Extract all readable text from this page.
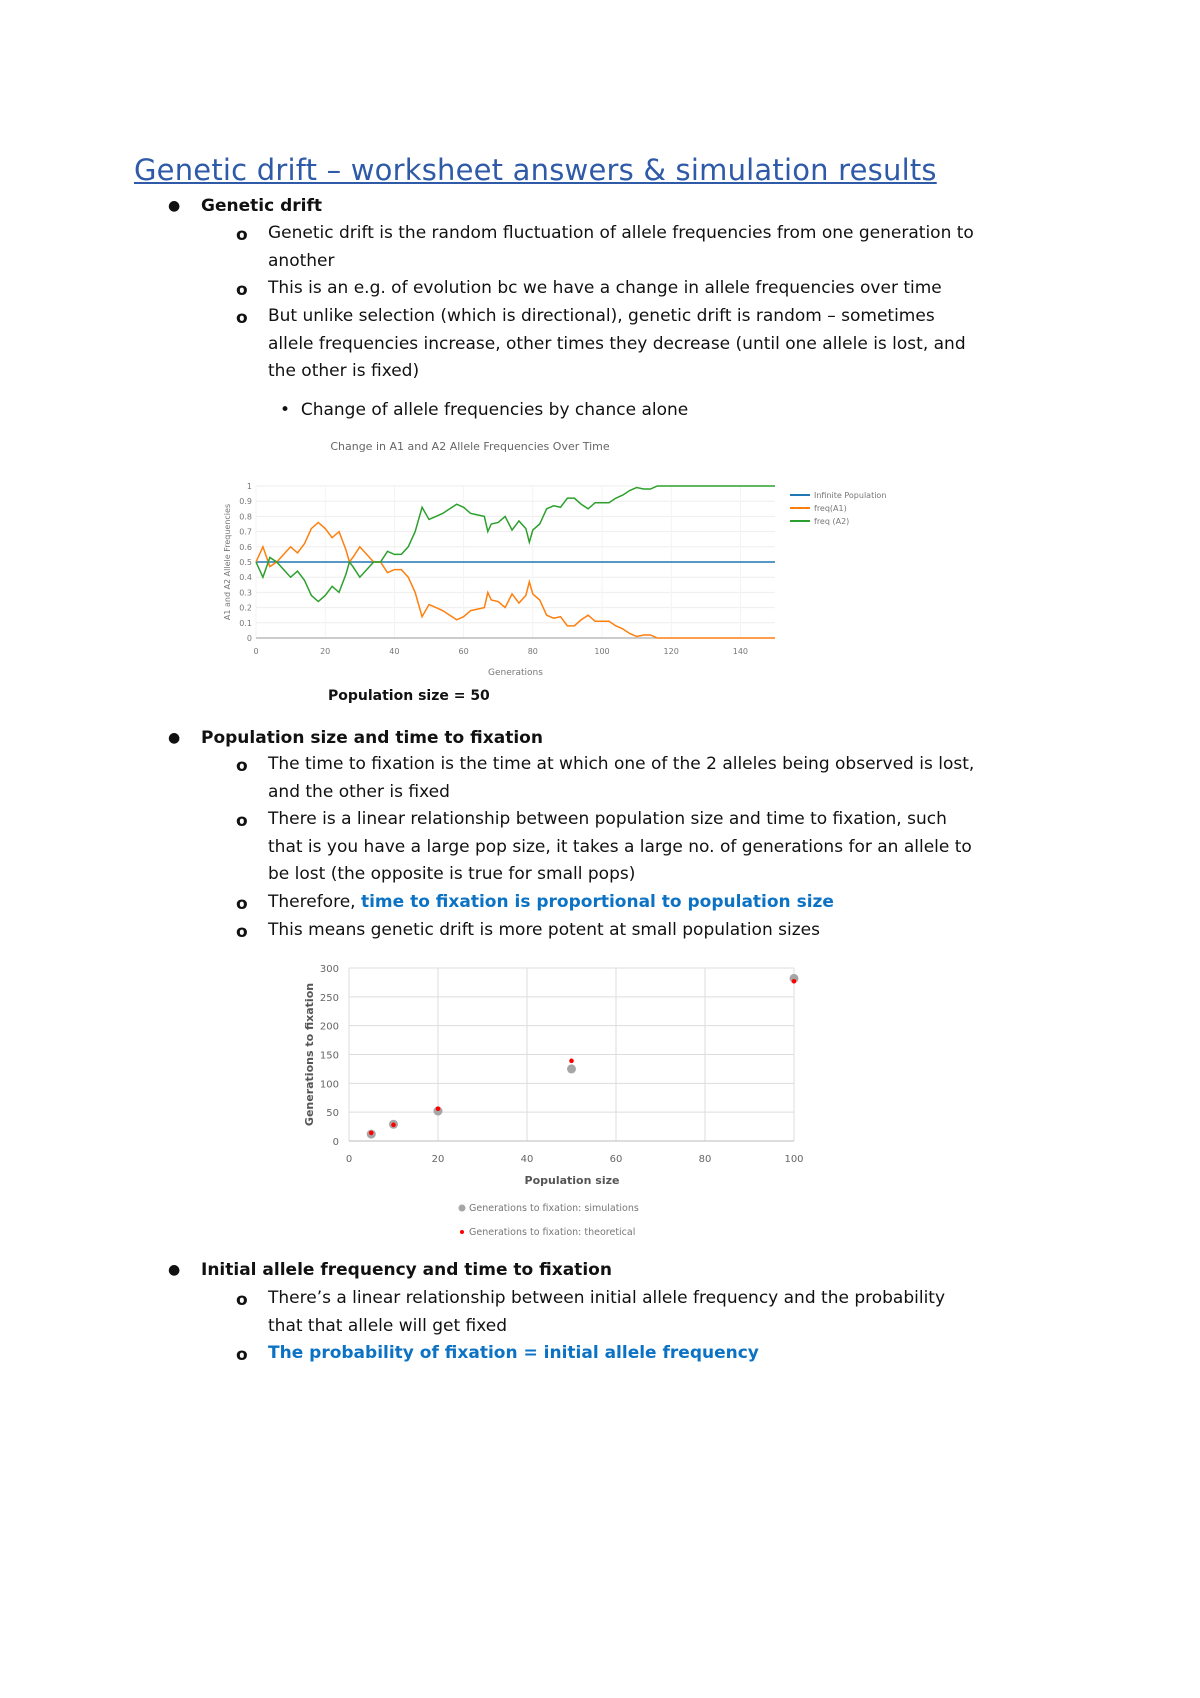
Genetic drift – worksheet answers & simulation results
● Genetic drift
o Genetic drift is the random fluctuation of allele frequencies from one generation to another
o This is an e.g. of evolution bc we have a change in allele frequencies over time
o But unlike selection (which is directional), genetic drift is random – sometimes allele frequencies increase, other times they decrease (until one allele is lost, and the other is fixed)
•  Change of allele frequencies by chance alone
Change in A1 and A2 Allele Frequencies Over Time
0
0.1
0.2
0.3
0.4
0.5
0.6
0.7
0.8
0.9
1
0	20	40	60	80	100	120	140
Generations
A1 and A2 Allele Frequencies
Infinite Population
freq(A1)
freq (A2)
Population size = 50
● Population size and time to fixation
o The time to fixation is the time at which one of the 2 alleles being observed is lost, and the other is fixed
o There is a linear relationship between population size and time to fixation, such that is you have a large pop size, it takes a large no. of generations for an allele to be lost (the opposite is true for small pops)
o Therefore, time to fixation is proportional to population size
o This means genetic drift is more potent at small population sizes
0
50
100
150
200
250
300
0	20	40	60	80	100
Population size
Generations to fixation
Generations to fixation: simulations
Generations to fixation: theoretical
● Initial allele frequency and time to fixation
o There’s a linear relationship between initial allele frequency and the probability that that allele will get fixed
o The probability of fixation = initial allele frequency
